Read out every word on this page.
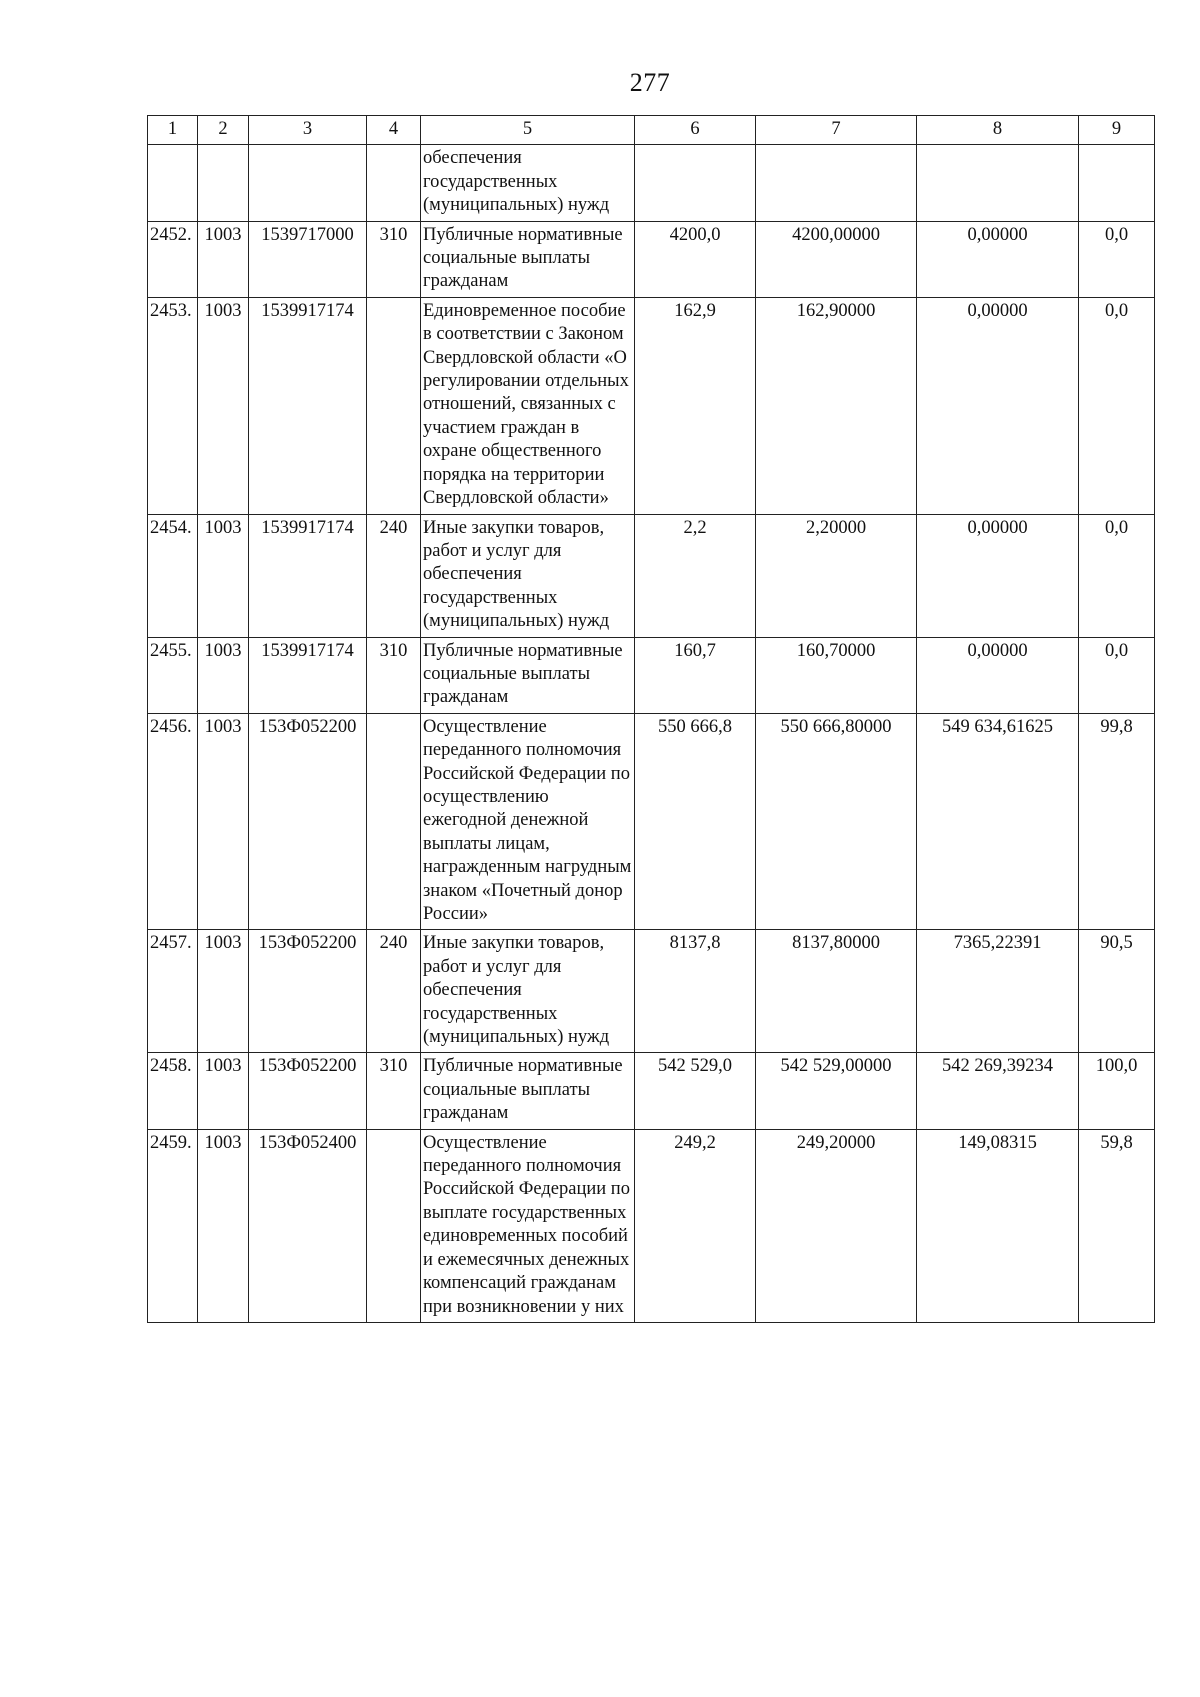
277
1	2	3	4	5	6	7	8	9
				обеспечения государственных (муниципальных) нужд				
2452.	1003	1539717000	310	Публичные нормативные социальные выплаты гражданам	4200,0	4200,00000	0,00000	0,0
2453.	1003	1539917174		Единовременное пособие в соответствии с Законом Свердловской области «О регулировании отдельных отношений, связанных с участием граждан в охране общественного порядка на территории Свердловской области»	162,9	162,90000	0,00000	0,0
2454.	1003	1539917174	240	Иные закупки товаров, работ и услуг для обеспечения государственных (муниципальных) нужд	2,2	2,20000	0,00000	0,0
2455.	1003	1539917174	310	Публичные нормативные социальные выплаты гражданам	160,7	160,70000	0,00000	0,0
2456.	1003	153Ф052200		Осуществление переданного полномочия Российской Федерации по осуществлению ежегодной денежной выплаты лицам, награжденным нагрудным знаком «Почетный донор России»	550 666,8	550 666,80000	549 634,61625	99,8
2457.	1003	153Ф052200	240	Иные закупки товаров, работ и услуг для обеспечения государственных (муниципальных) нужд	8137,8	8137,80000	7365,22391	90,5
2458.	1003	153Ф052200	310	Публичные нормативные социальные выплаты гражданам	542 529,0	542 529,00000	542 269,39234	100,0
2459.	1003	153Ф052400		Осуществление переданного полномочия Российской Федерации по выплате государственных единовременных пособий и ежемесячных денежных компенсаций гражданам при возникновении у них	249,2	249,20000	149,08315	59,8
